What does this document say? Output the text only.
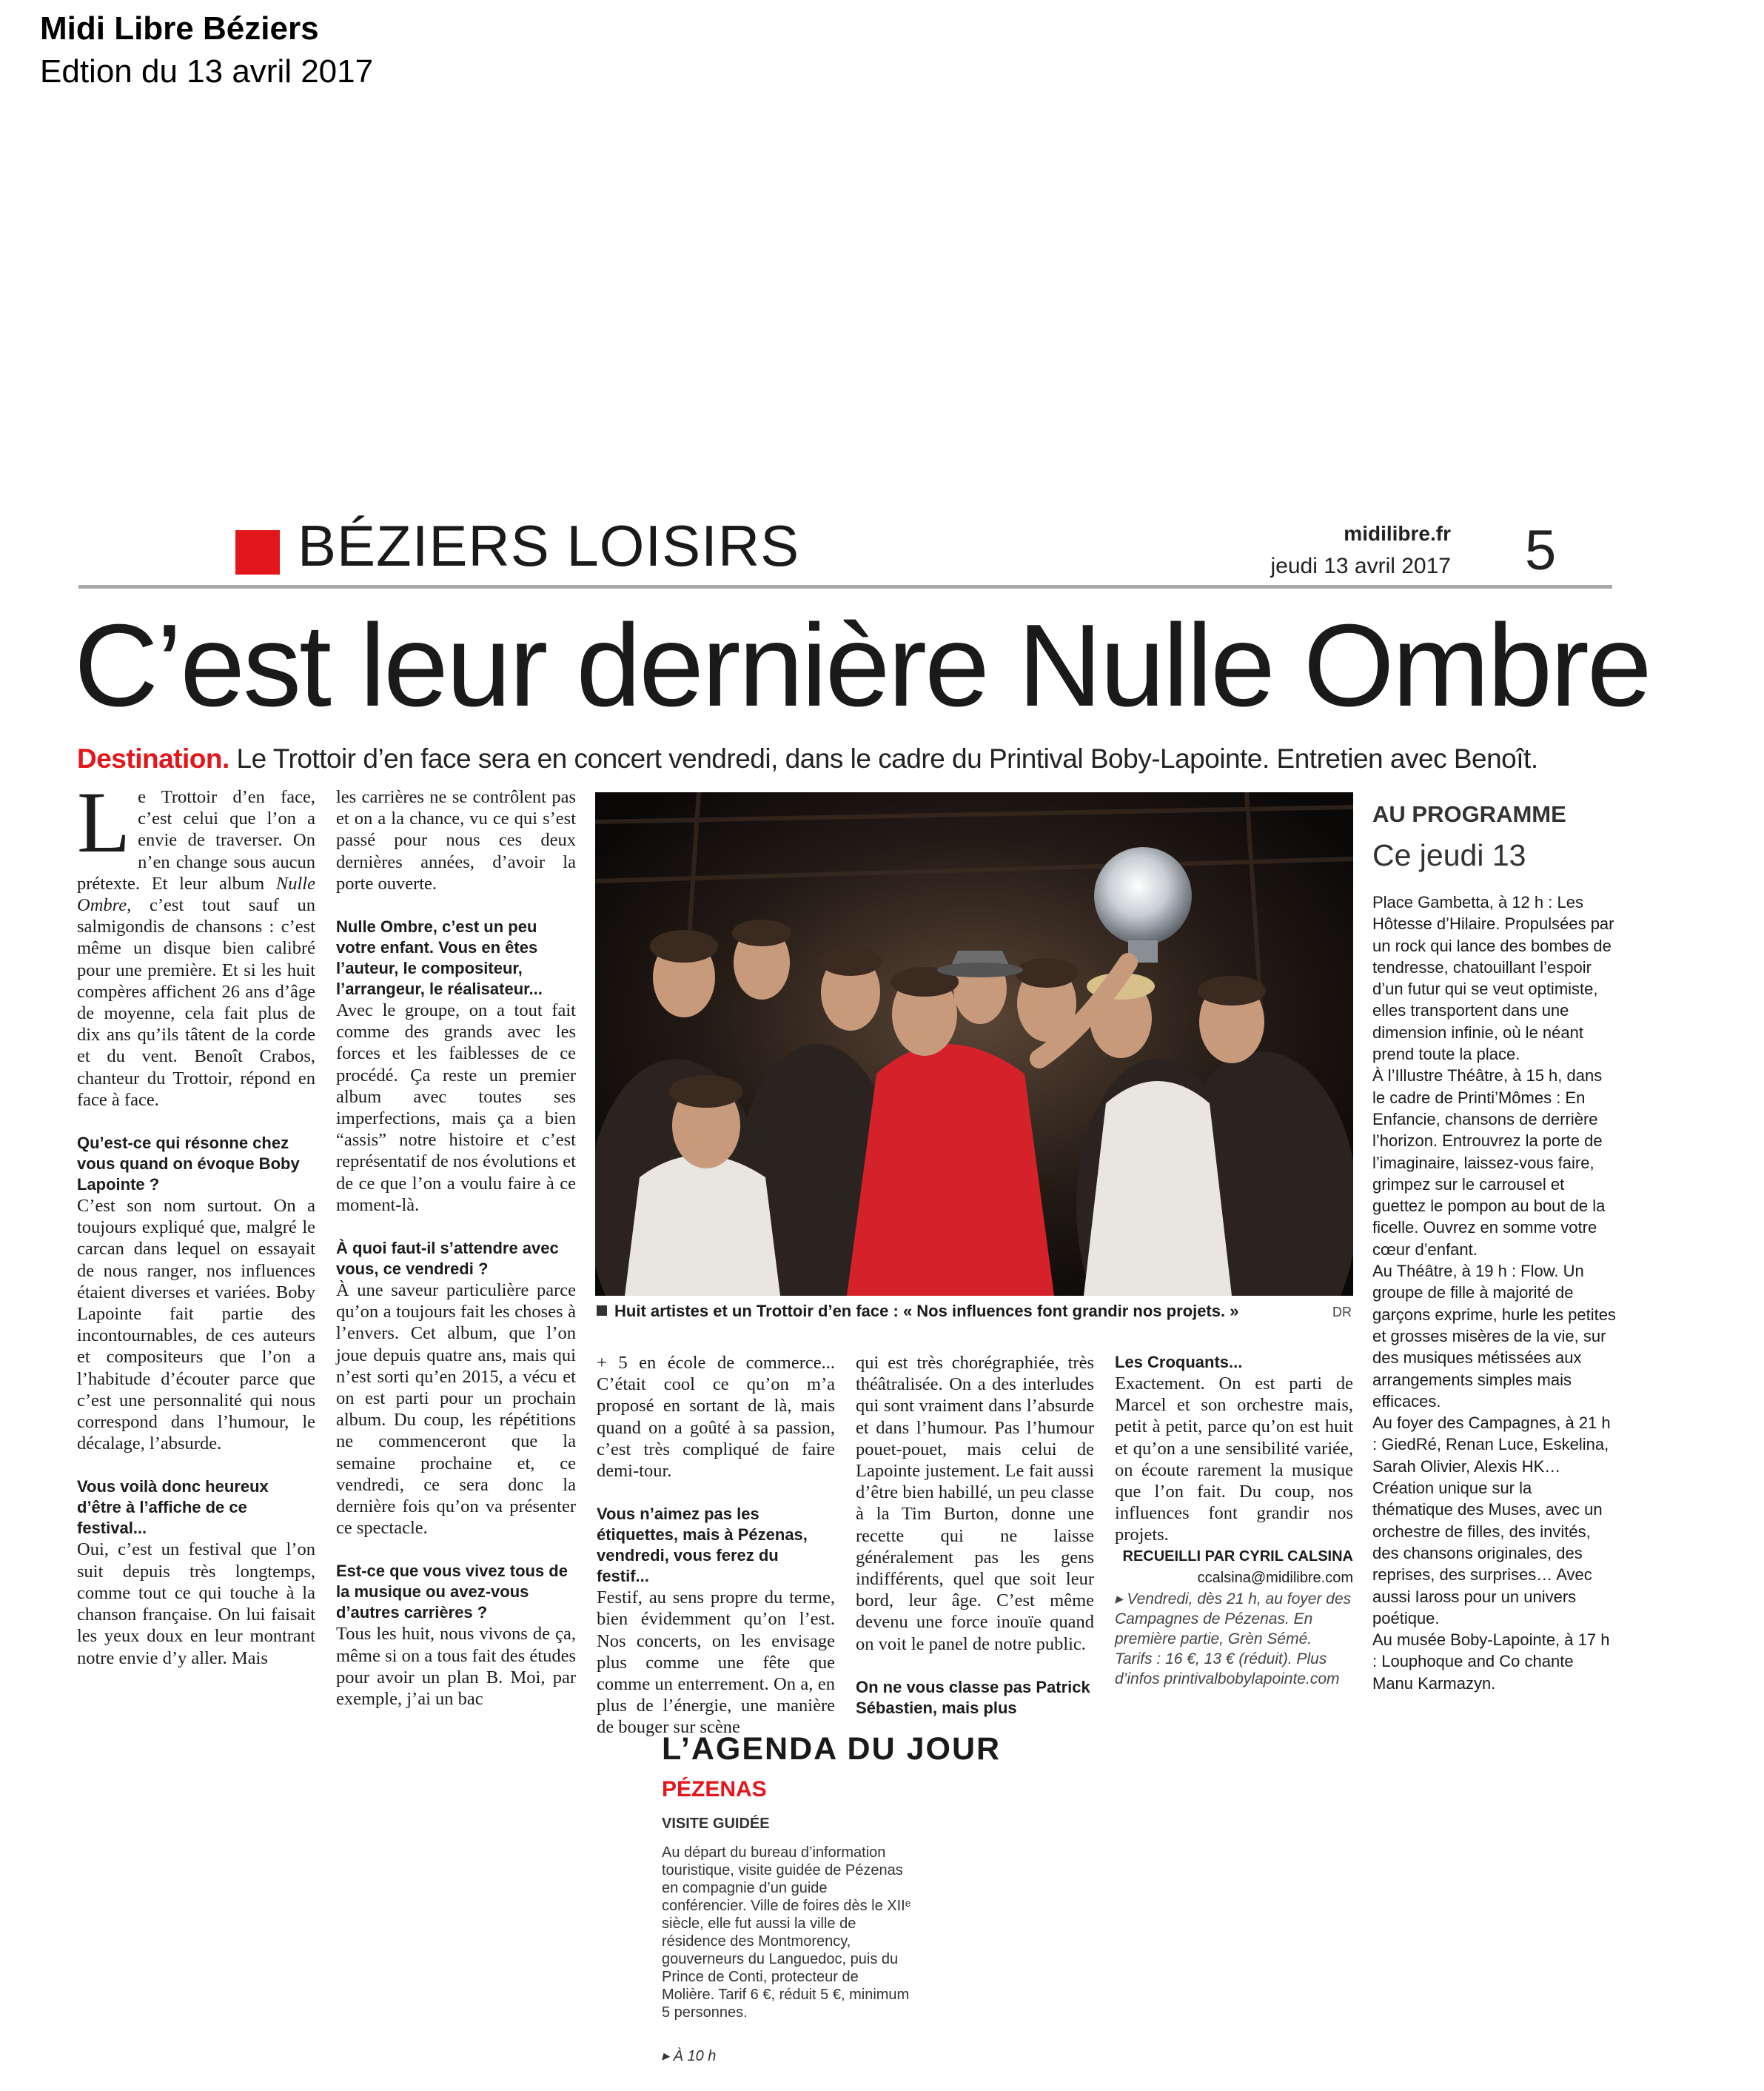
Midi Libre Béziers
Edtion du 13 avril 2017
BÉZIERS LOISIRS	midilibre.fr
jeudi 13 avril 2017 5
C’est leur dernière Nulle Ombre
Destination. Le Trottoir d’en face sera en concert vendredi, dans le cadre du Printival Boby-Lapointe. Entretien avec Benoît.

Le Trottoir d’en face, c’est celui que l’on a envie de traverser. On n’en change sous aucun prétexte. Et leur album Nulle Ombre, c’est tout sauf un salmigondis de chansons : c’est même un disque bien calibré pour une première. Et si les huit compères affichent 26 ans d’âge de moyenne, cela fait plus de dix ans qu’ils tâtent de la corde et du vent. Benoît Crabos, chanteur du Trottoir, répond en face à face.

Qu’est-ce qui résonne chez vous quand on évoque Boby Lapointe ?

C’est son nom surtout. On a toujours expliqué que, malgré le carcan dans lequel on essayait de nous ranger, nos influences étaient diverses et variées. Boby Lapointe fait partie des incontournables, de ces auteurs et compositeurs que l’on a l’habitude d’écouter parce que c’est une personnalité qui nous correspond dans l’humour, le décalage, l’absurde.

Vous voilà donc heureux d’être à l’affiche de ce festival...

Oui, c’est un festival que l’on suit depuis très longtemps, comme tout ce qui touche à la chanson française. On lui faisait les yeux doux en leur montrant notre envie d’y aller. Mais

les carrières ne se contrôlent pas et on a la chance, vu ce qui s’est passé pour nous ces deux dernières années, d’avoir la porte ouverte.

Nulle Ombre, c’est un peu votre enfant. Vous en êtes l’auteur, le compositeur, l’arrangeur, le réalisateur...

Avec le groupe, on a tout fait comme des grands avec les forces et les faiblesses de ce procédé. Ça reste un premier album avec toutes ses imperfections, mais ça a bien “assis” notre histoire et c’est représentatif de nos évolutions et de ce que l’on a voulu faire à ce moment-là.

À quoi faut-il s’attendre avec vous, ce vendredi ?

À une saveur particulière parce qu’on a toujours fait les choses à l’envers. Cet album, que l’on joue depuis quatre ans, mais qui n’est sorti qu’en 2015, a vécu et on est parti pour un prochain album. Du coup, les répétitions ne commenceront que la semaine prochaine et, ce vendredi, ce sera donc la dernière fois qu’on va présenter ce spectacle.

Est-ce que vous vivez tous de la musique ou avez-vous d’autres carrières ?

Tous les huit, nous vivons de ça, même si on a tous fait des études pour avoir un plan B. Moi, par exemple, j’ai un bac

Huit artistes et un Trottoir d’en face : « Nos influences font grandir nos projets. »	DR

+ 5 en école de commerce... C’était cool ce qu’on m’a proposé en sortant de là, mais quand on a goûté à sa passion, c’est très compliqué de faire demi-tour.

Vous n’aimez pas les étiquettes, mais à Pézenas, vendredi, vous ferez du festif...

Festif, au sens propre du terme, bien évidemment qu’on l’est. Nos concerts, on les envisage plus comme une fête que comme un enterrement. On a, en plus de l’énergie, une manière de bouger sur scène

qui est très chorégraphiée, très théâtralisée. On a des interludes qui sont vraiment dans l’absurde et dans l’humour. Pas l’humour pouet-pouet, mais celui de Lapointe justement. Le fait aussi d’être bien habillé, un peu classe à la Tim Burton, donne une recette qui ne laisse généralement pas les gens indifférents, quel que soit leur bord, leur âge. C’est même devenu une force inouïe quand on voit le panel de notre public.

On ne vous classe pas Patrick Sébastien, mais plus

Les Croquants...

Exactement. On est parti de Marcel et son orchestre mais, petit à petit, parce qu’on est huit et qu’on a une sensibilité variée, on écoute rarement la musique que l’on fait. Du coup, nos influences font grandir nos projets.

RECUEILLI PAR CYRIL CALSINA

ccalsina@midilibre.com

▸ Vendredi, dès 21 h, au foyer des Campagnes de Pézenas. En première partie, Grèn Sémé. Tarifs : 16 €, 13 € (réduit). Plus d’infos printivalbobylapointe.com

AU PROGRAMME
Ce jeudi 13

Place Gambetta, à 12 h : Les Hôtesse d’Hilaire. Propulsées par un rock qui lance des bombes de tendresse, chatouillant l’espoir d’un futur qui se veut optimiste, elles transportent dans une dimension infinie, où le néant prend toute la place.

À l’Illustre Théâtre, à 15 h, dans le cadre de Printi’Mômes : En Enfancie, chansons de derrière l’horizon. Entrouvrez la porte de l’imaginaire, laissez-vous faire, grimpez sur le carrousel et guettez le pompon au bout de la ficelle. Ouvrez en somme votre cœur d’enfant.

Au Théâtre, à 19 h : Flow. Un groupe de fille à majorité de garçons exprime, hurle les petites et grosses misères de la vie, sur des musiques métissées aux arrangements simples mais efficaces.

Au foyer des Campagnes, à 21 h : GiedRé, Renan Luce, Eskelina, Sarah Olivier, Alexis HK… Création unique sur la thématique des Muses, avec un orchestre de filles, des invités, des chansons originales, des reprises, des surprises… Avec aussi Iaross pour un univers poétique.

Au musée Boby-Lapointe, à 17 h : Louphoque and Co chante Manu Karmazyn.

L’AGENDA DU JOUR
PÉZENAS
VISITE GUIDÉE
Au départ du bureau d’information touristique, visite guidée de Pézenas en compagnie d’un guide conférencier. Ville de foires dès le XIIᵉ siècle, elle fut aussi la ville de résidence des Montmorency, gouverneurs du Languedoc, puis du Prince de Conti, protecteur de Molière. Tarif 6 €, réduit 5 €, minimum 5 personnes.
▸ À 10 h
